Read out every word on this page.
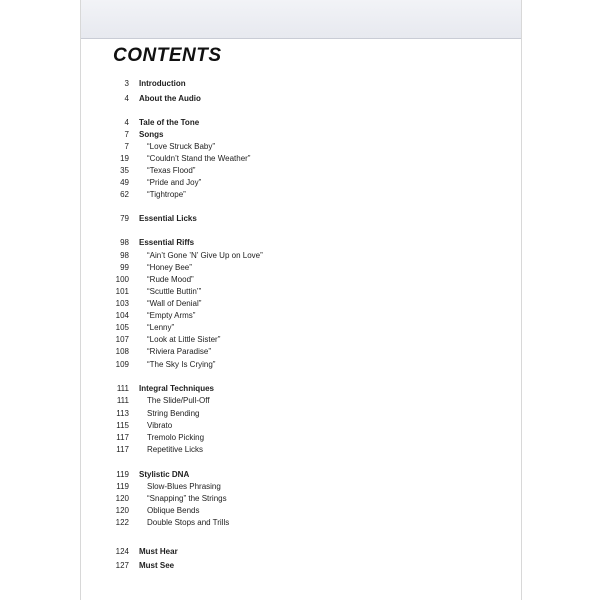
CONTENTS
3 Introduction
4 About the Audio
4 Tale of the Tone
7 Songs
7 “Love Struck Baby”
19 “Couldn’t Stand the Weather”
35 “Texas Flood”
49 “Pride and Joy”
62 “Tightrope”
79 Essential Licks
98 Essential Riffs
98 “Ain’t Gone ’N’ Give Up on Love”
99 “Honey Bee”
100 “Rude Mood”
101 “Scuttle Buttin’”
103 “Wall of Denial”
104 “Empty Arms”
105 “Lenny”
107 “Look at Little Sister”
108 “Riviera Paradise”
109 “The Sky Is Crying”
111 Integral Techniques
111 The Slide/Pull-Off
113 String Bending
115 Vibrato
117 Tremolo Picking
117 Repetitive Licks
119 Stylistic DNA
119 Slow-Blues Phrasing
120 “Snapping” the Strings
120 Oblique Bends
122 Double Stops and Trills
124 Must Hear
127 Must See
